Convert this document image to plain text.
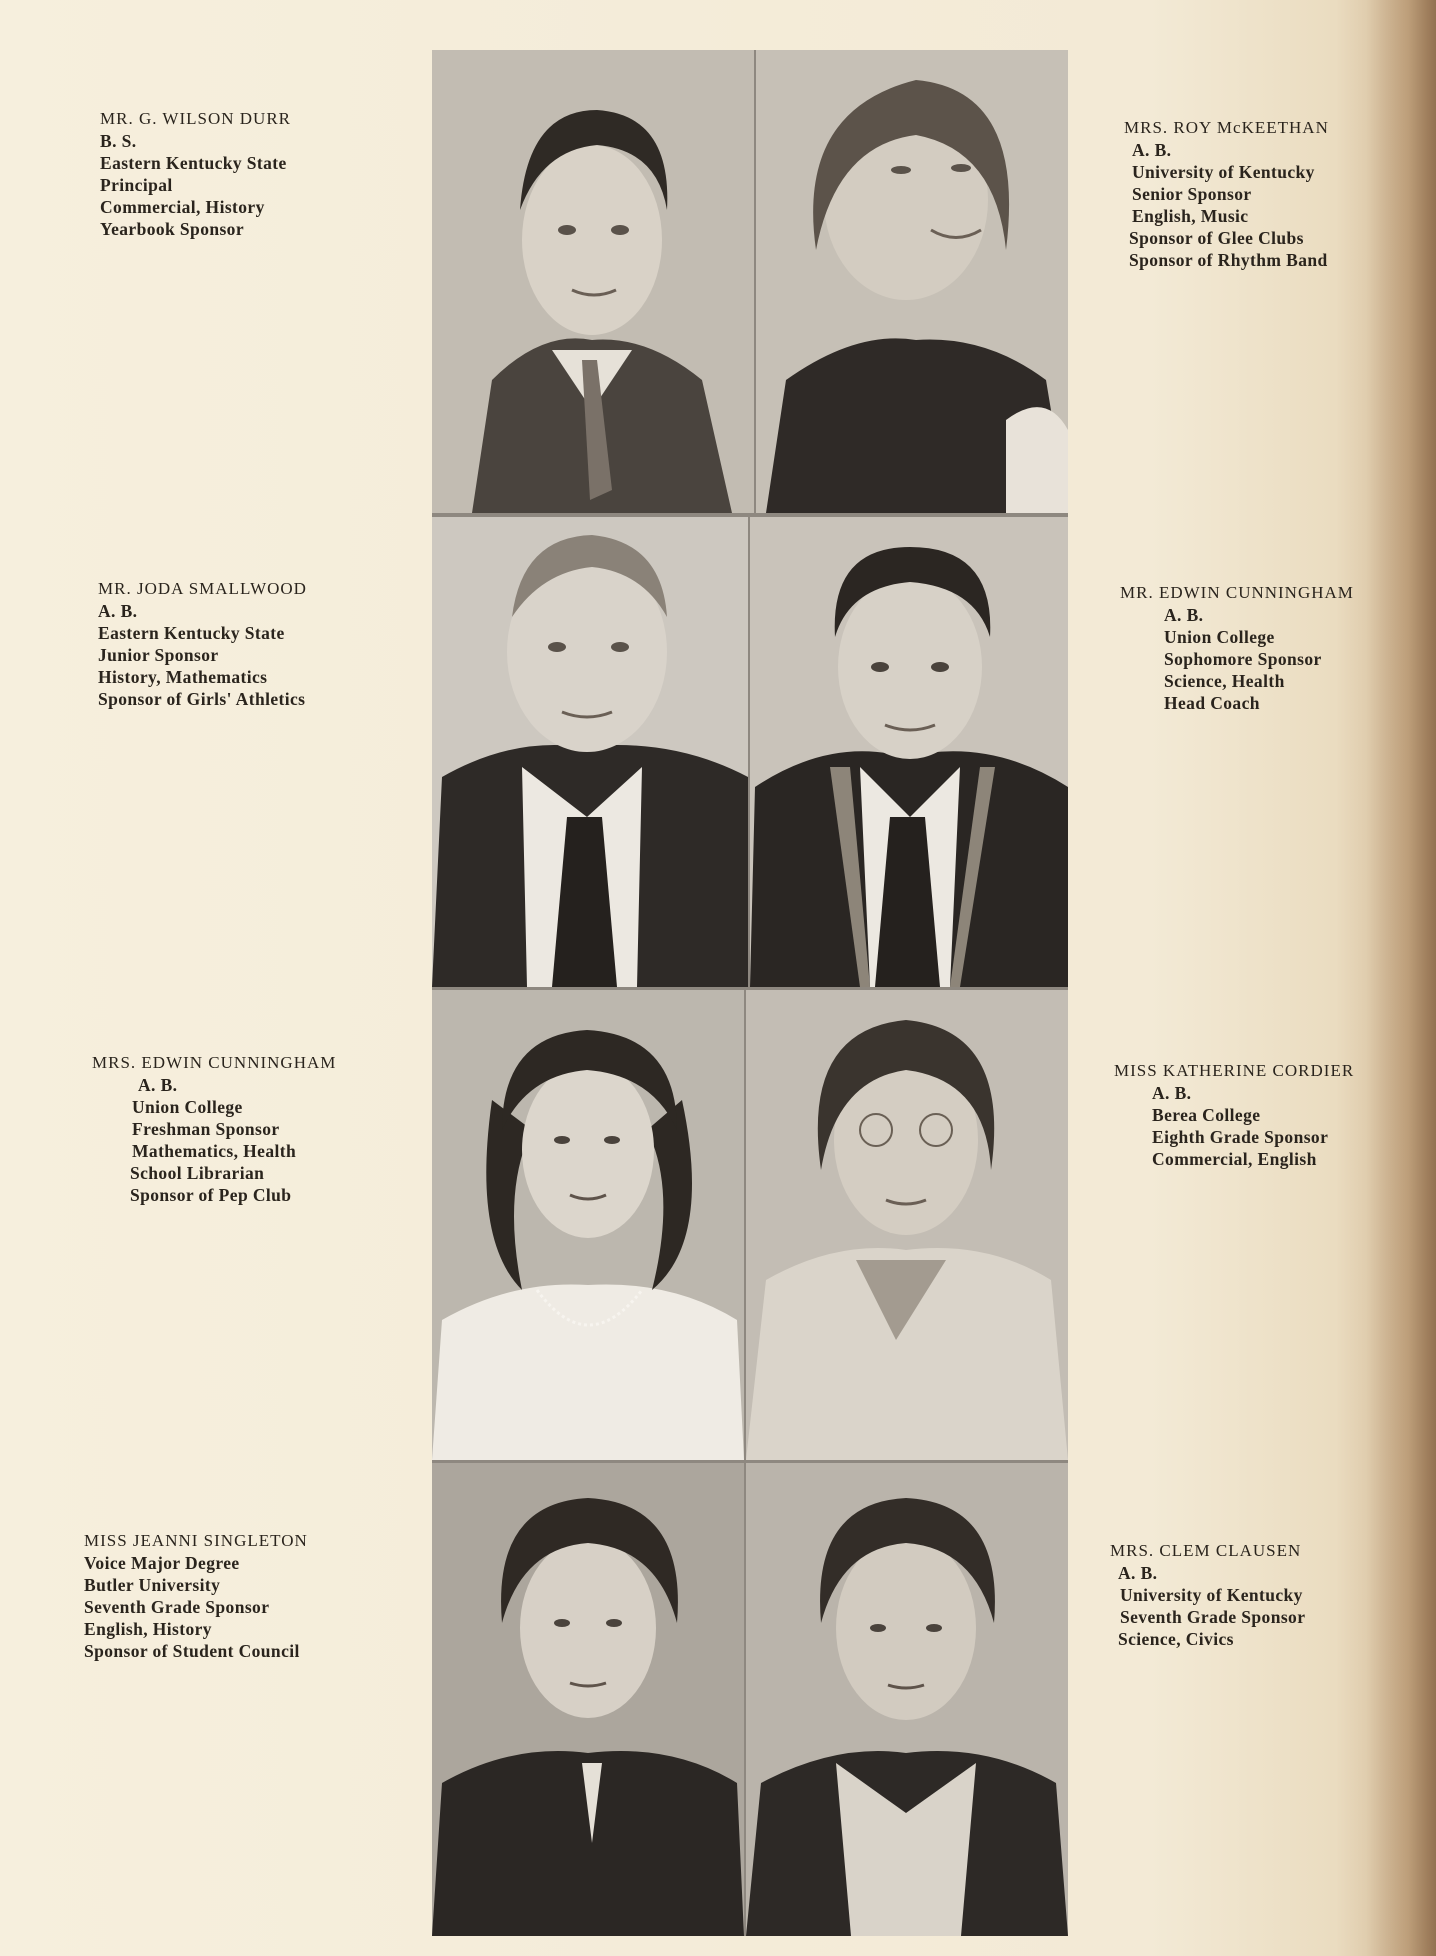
MR. G. WILSON DURR
B. S.
Eastern Kentucky State
Principal
Commercial, History
Yearbook Sponsor
MRS. ROY McKEETHAN
A. B.
University of Kentucky
Senior Sponsor
English, Music
Sponsor of Glee Clubs
Sponsor of Rhythm Band
MR. JODA SMALLWOOD
A. B.
Eastern Kentucky State
Junior Sponsor
History, Mathematics
Sponsor of Girls' Athletics
MR. EDWIN CUNNINGHAM
A. B.
Union College
Sophomore Sponsor
Science, Health
Head Coach
MRS. EDWIN CUNNINGHAM
A. B.
Union College
Freshman Sponsor
Mathematics, Health
School Librarian
Sponsor of Pep Club
MISS KATHERINE CORDIER
A. B.
Berea College
Eighth Grade Sponsor
Commercial, English
MISS JEANNI SINGLETON
Voice Major Degree
Butler University
Seventh Grade Sponsor
English, History
Sponsor of Student Council
MRS. CLEM CLAUSEN
A. B.
University of Kentucky
Seventh Grade Sponsor
Science, Civics
